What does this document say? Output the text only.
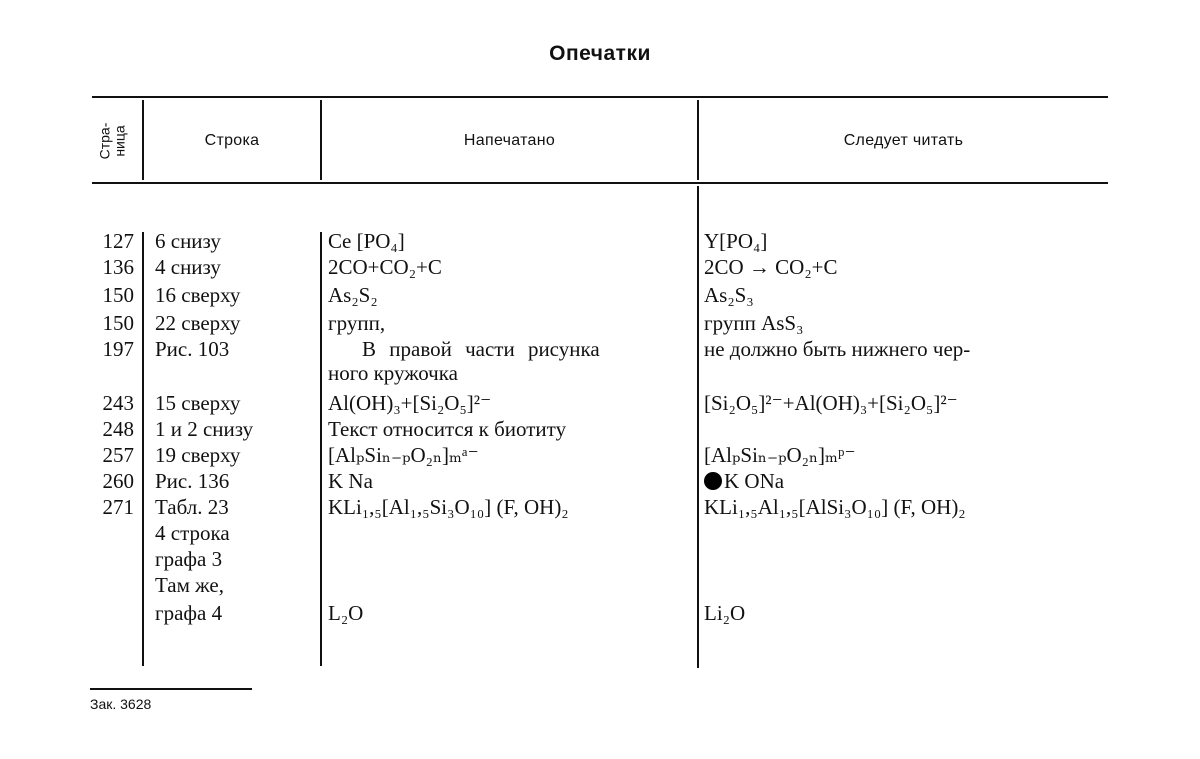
Опечатки
Стра-
ница	Строка	Напечатано	Следует читать
127 6 снизу	Ce [PO₄]	Y[PO₄]
136 4 снизу	2CO+CO₂+C	2CO → CO₂+C
150 16 сверху	As₂S₂	As₂S₃
150 22 сверху	групп,	групп AsS₃
197 Рис. 103	В правой части рисунка	не должно быть нижнего чер-
ного кружочка
243 15 сверху	Al(OH)₃+[Si₂O₅]²⁻	[Si₂O₅]²⁻+Al(OH)₃+[Si₂O₅]²⁻
248 1 и 2 снизу	Текст относится к биотиту
257 19 сверху	[AlₚSiₙ₋ₚO₂ₙ]ₘᵃ⁻	[AlₚSiₙ₋ₚO₂ₙ]ₘᵖ⁻
260 Рис. 136	K Na	K ONa
271 Табл. 23	KLi₁,₅[Al₁,₅Si₃O₁₀] (F, OH)₂	KLi₁,₅Al₁,₅[AlSi₃O₁₀] (F, OH)₂
4 строка
графа 3
Там же,
графа 4	L₂O	Li₂O
Зак. 3628
